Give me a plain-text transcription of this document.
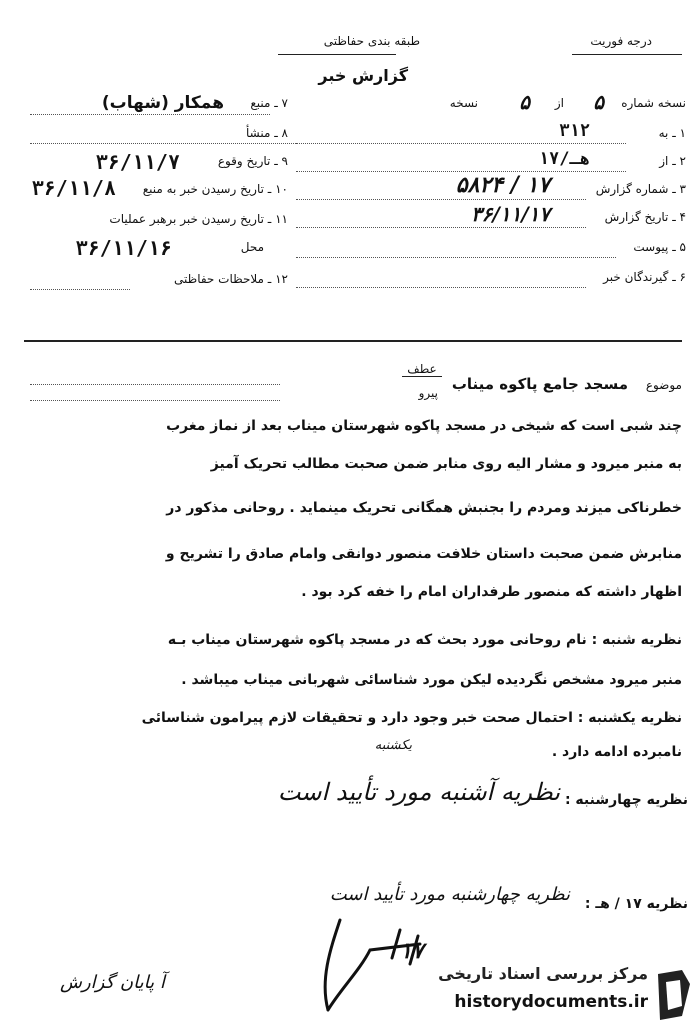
درجه فوریت
طبقه بندی حفاظتی
گزارش خبر
نسخه شماره
۵
از
۵
نسخه
۱ ـ به
۳۱۲
۲ ـ از
۱۷/هـ
۳ ـ شماره گزارش
۵۸۲۴ / ۱۷
۴ ـ تاریخ گزارش
۳۶/۱۱/۱۷
۵ ـ پیوست
۶ ـ گیرندگان خبر
۷ ـ منبع
همکار (شهاب)
۸ ـ منشأ
۹ ـ تاریخ وقوع
۳۶/۱۱/۷
۱۰ ـ تاریخ رسیدن خبر به منبع
۳۶/۱۱/۸
۱۱ ـ تاریخ رسیدن خبر برهبر عملیات
محل
۳۶/۱۱/۱۶
۱۲ ـ ملاحظات حفاظتی
عطف
پیرو
موضوع
مسجد جامع پاکوه میناب
چند شبی است که شیخی در مسجد پاکوه شهرستان میناب بعد از نماز مغرب
به منبر میرود و مشار الیه روی منابر ضمن صحبت مطالب تحریک آمیز
خطرناکی میزند ومردم را بجنبش همگانی تحریک مینماید . روحانی مذکور در
منابرش ضمن صحبت داستان خلافت منصور دوانقی وامام صادق را تشریح و
اظهار داشته که منصور طرفداران امام را خفه کرد بود .
نظریه شنبه : نام روحانی مورد بحث که در مسجد پاکوه شهرستان میناب بـه
منبر میرود مشخص نگردیده لیکن مورد شناسائی شهربانی میناب میباشد .
نظریه یکشنبه : احتمال صحت خبر وجود دارد و تحقیقات لازم پیرامون شناسائی
نامبرده ادامه دارد .
یکشنبه
نظریه چهارشنبه :
نظریه آشنبه مورد تأیید است
نظریه ۱۷ / هـ :
نظریه چهارشنبه مورد تأیید است
آ پایان گزارش
۱۷
مرکز بررسی اسناد تاریخی
historydocuments.ir
